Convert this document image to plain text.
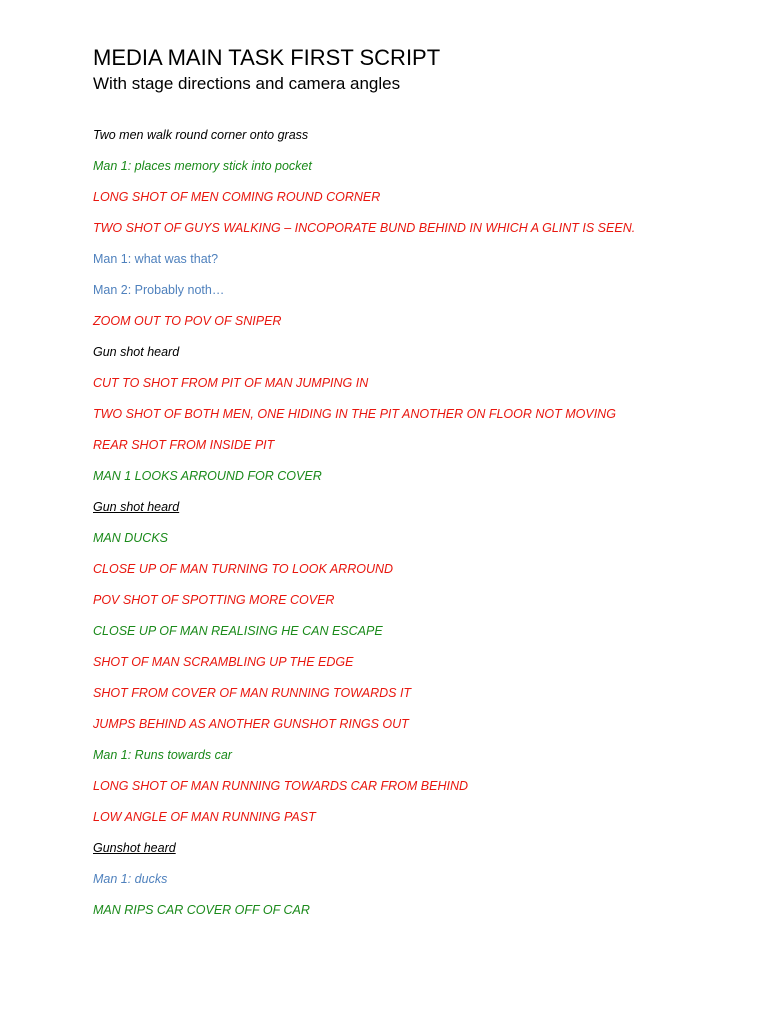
MEDIA MAIN TASK FIRST SCRIPT
With stage directions and camera angles
Two men walk round corner onto grass
Man 1: places memory stick into pocket
LONG SHOT OF MEN COMING ROUND CORNER
TWO SHOT OF GUYS WALKING – INCOPORATE BUND BEHIND IN WHICH A GLINT IS SEEN.
Man 1: what was that?
Man 2: Probably noth…
ZOOM OUT TO POV OF SNIPER
Gun shot heard
CUT TO SHOT FROM PIT OF MAN JUMPING IN
TWO SHOT OF BOTH MEN, ONE HIDING IN THE PIT ANOTHER ON FLOOR NOT MOVING
REAR SHOT FROM INSIDE PIT
MAN 1 LOOKS ARROUND FOR COVER
Gun shot heard
MAN DUCKS
CLOSE UP OF MAN TURNING TO LOOK ARROUND
POV SHOT OF SPOTTING MORE COVER
CLOSE UP OF MAN REALISING HE CAN ESCAPE
SHOT OF MAN SCRAMBLING UP THE EDGE
SHOT FROM COVER OF MAN RUNNING TOWARDS IT
JUMPS BEHIND AS ANOTHER GUNSHOT RINGS OUT
Man 1: Runs towards car
LONG SHOT OF MAN RUNNING TOWARDS CAR FROM BEHIND
LOW ANGLE OF MAN RUNNING PAST
Gunshot heard
Man 1: ducks
MAN RIPS CAR COVER OFF OF CAR
